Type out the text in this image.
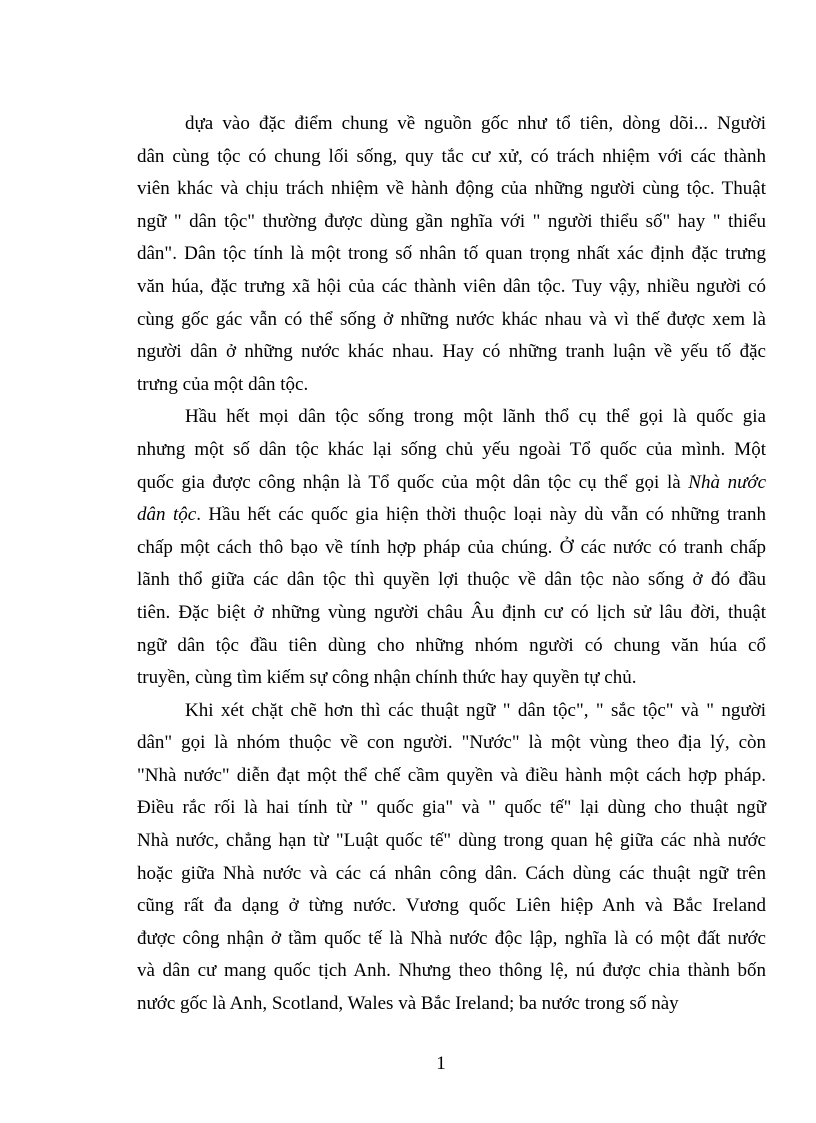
dựa vào đặc điểm chung về nguồn gốc như tổ tiên, dòng dõi... Người
dân cùng tộc có chung lối sống, quy tắc cư xử, có trách nhiệm với các thành
viên khác và chịu trách nhiệm về hành động của những người cùng tộc. Thuật
ngữ " dân tộc" thường được dùng gần nghĩa với " người thiểu số" hay " thiểu
dân". Dân tộc tính là một trong số nhân tố quan trọng nhất xác định đặc trưng
văn húa, đặc trưng xã hội của các thành viên dân tộc. Tuy vậy, nhiều người có
cùng gốc gác vẫn có thể sống ở những nước khác nhau và vì thế được xem là
người dân ở những nước khác nhau. Hay có những tranh luận về yếu tố đặc
trưng của một dân tộc.

Hầu hết mọi dân tộc sống trong một lãnh thổ cụ thể gọi là quốc gia
nhưng một số dân tộc khác lại sống chủ yếu ngoài Tổ quốc của mình. Một
quốc gia được công nhận là Tổ quốc của một dân tộc cụ thể gọi là Nhà nước
dân tộc. Hầu hết các quốc gia hiện thời thuộc loại này dù vẫn có những tranh
chấp một cách thô bạo về tính hợp pháp của chúng. Ở các nước có tranh chấp
lãnh thổ giữa các dân tộc thì quyền lợi thuộc về dân tộc nào sống ở đó đầu
tiên. Đặc biệt ở những vùng người châu Âu định cư có lịch sử lâu đời, thuật
ngữ dân tộc đầu tiên dùng cho những nhóm người có chung văn húa cổ
truyền, cùng tìm kiếm sự công nhận chính thức hay quyền tự chủ.

Khi xét chặt chẽ hơn thì các thuật ngữ " dân tộc", " sắc tộc" và " người
dân" gọi là nhóm thuộc về con người. "Nước" là một vùng theo địa lý, còn
"Nhà nước" diễn đạt một thể chế cầm quyền và điều hành một cách hợp pháp.
Điều rắc rối là hai tính từ " quốc gia" và " quốc tế" lại dùng cho thuật ngữ
Nhà nước, chẳng hạn từ "Luật quốc tế" dùng trong quan hệ giữa các nhà nước
hoặc giữa Nhà nước và các cá nhân công dân. Cách dùng các thuật ngữ trên
cũng rất đa dạng ở từng nước. Vương quốc Liên hiệp Anh và Bắc Ireland
được công nhận ở tầm quốc tế là Nhà nước độc lập, nghĩa là có một đất nước
và dân cư mang quốc tịch Anh. Nhưng theo thông lệ, nú được chia thành bốn
nước gốc là Anh, Scotland, Wales và Bắc Ireland; ba nước trong số này

1
